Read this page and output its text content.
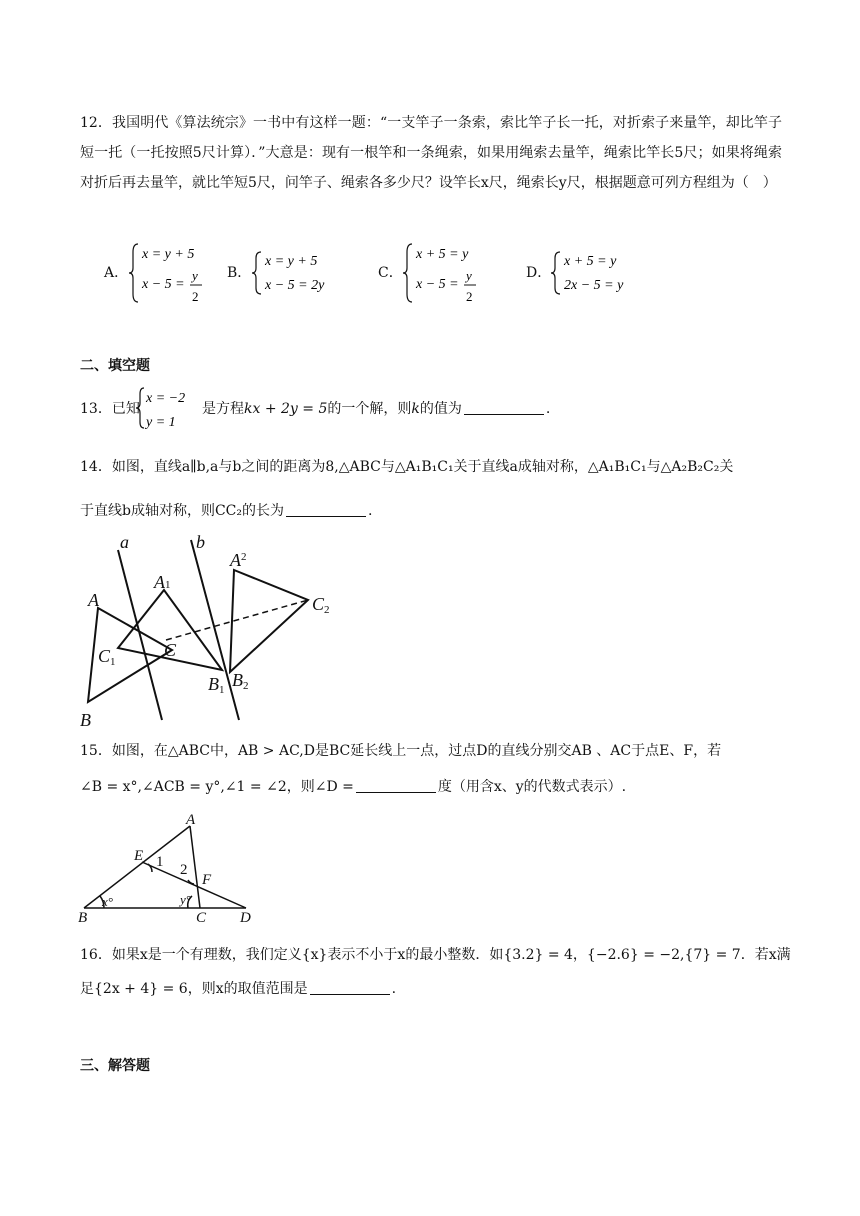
12．我国明代《算法统宗》一书中有这样一题：“一支竿子一条索，索比竿子长一托，对折索子来量竿，却比竿子短一托（一托按照5尺计算）．”大意是：现有一根竿和一条绳索，如果用绳索去量竿，绳索比竿长5尺；如果将绳索对折后再去量竿，就比竿短5尺，问竿子、绳索各多少尺？设竿长x尺，绳索长y尺，根据题意可列方程组为（　）
A．
x = y + 5
x − 5 =
y
2
B．
x = y + 5
x − 5 = 2y
C．
x + 5 = y
x − 5 =
y
2
D．
x + 5 = y
2x − 5 = y
二、填空题
13．已知
x = −2
y = 1
是方程kx + 2y = 5的一个解，则k的值为	.
14．如图，直线a∥b,a与b之间的距离为8,△ABC与△A₁B₁C₁关于直线a成轴对称，△A₁B₁C₁与△A₂B₂C₂关
于直线b成轴对称，则CC₂的长为	.
a	b
A
B
C
A1
C1
B1
$A^2$
B2
C2
15．如图，在△ABC中，AB > AC,D是BC延长线上一点，过点D的直线分别交AB 、AC于点E、F，若
∠B = x°,∠ACB = y°,∠1 = ∠2，则∠D =	度（用含x、y的代数式表示）.
A
B	C D
E
F
1 2
x°	y°
16．如果x是一个有理数，我们定义{x}表示不小于x的最小整数．如{3.2} = 4，{−2.6} = −2,{7} = 7．若x满
足{2x + 4} = 6，则x的取值范围是	.
三、解答题
